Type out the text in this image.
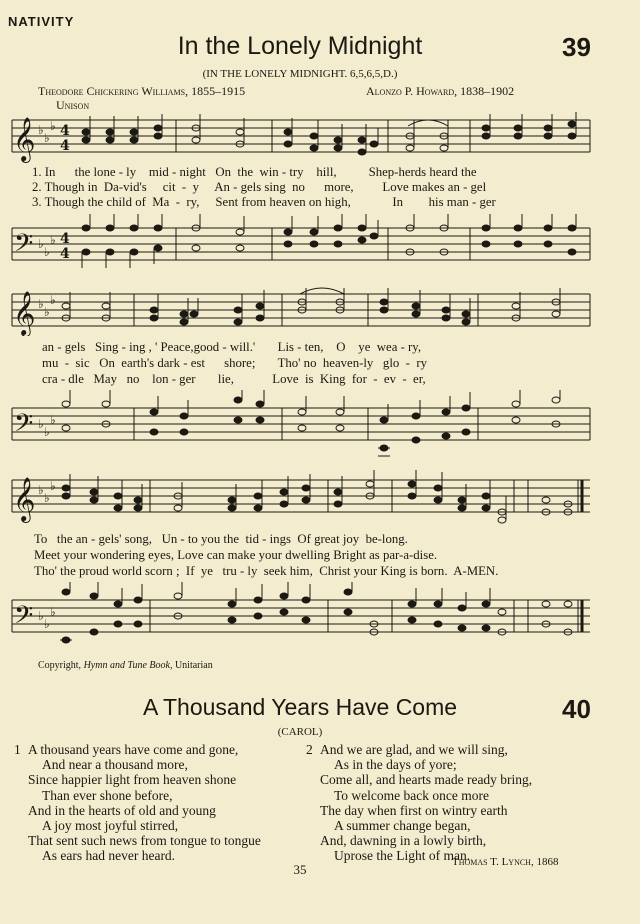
NATIVITY
In the Lonely Midnight	39
(IN THE LONELY MIDNIGHT. 6,5,6,5,D.)
Theodore Chickering Williams, 1855–1915	Alonzo P. Howard, 1838–1902
Unison
𝄞 ♭
♭
♭ 4
4
1. In      the lone - ly    mid - night   On  the  win - try    hill,          Shep-herds heard the
2. Though in  Da-vid's     cit  -  y     An - gels sing  no      more,         Love makes an - gel
3. Though the child of  Ma  -  ry,     Sent from heaven on high,             In        his man - ger
𝄢 ♭
♭
♭ 4
4
𝄞 ♭
♭
♭
an - gels   Sing - ing , ' Peace,good - will.'       Lis - ten,    O    ye  wea - ry,
mu  -  sic   On  earth's dark - est      shore;       Tho' no  heaven-ly   glo  -  ry
cra - dle   May   no    lon - ger       lie,            Love  is  King  for  -  ev  -  er,
𝄢 ♭
♭
♭
𝄞 ♭
♭
♭
To   the an - gels' song,   Un - to you the  tid - ings  Of great joy  be-long.
Meet your wondering eyes, Love can make your dwelling Bright as par-a-dise.
Tho' the proud world scorn ;  If  ye   tru - ly  seek him,  Christ your King is born.  A-MEN.
𝄢 ♭
♭
♭
Copyright, Hymn and Tune Book, Unitarian
A Thousand Years Have Come	40
(CAROL)
1 A thousand years have come and gone,
And near a thousand more,
Since happier light from heaven shone
Than ever shone before,
And in the hearts of old and young
A joy most joyful stirred,
That sent such news from tongue to tongue
As ears had never heard.
2 And we are glad, and we will sing,
As in the days of yore;
Come all, and hearts made ready bring,
To welcome back once more
The day when first on wintry earth
A summer change began,
And, dawning in a lowly birth,
Uprose the Light of man.
Thomas T. Lynch, 1868
35
